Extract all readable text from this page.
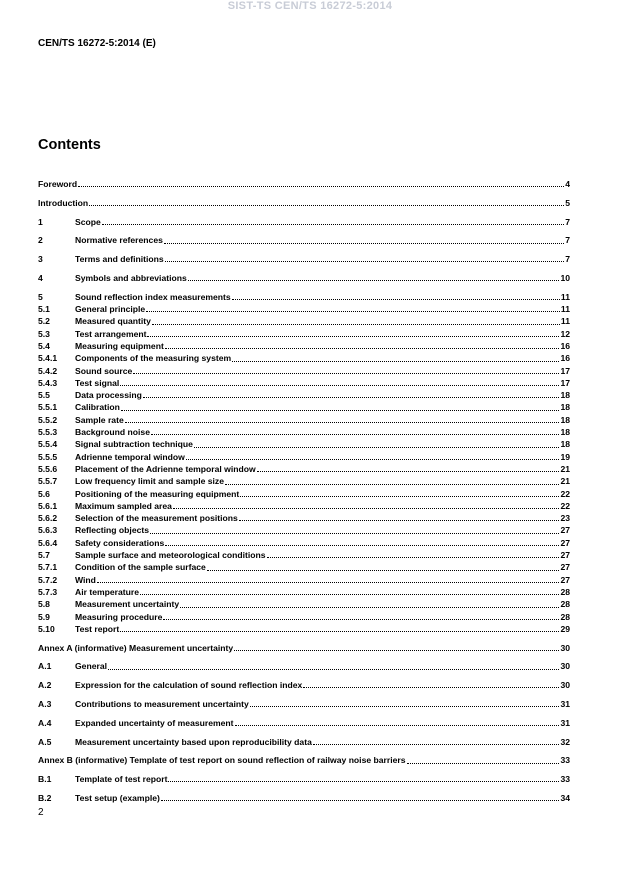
SIST-TS CEN/TS 16272-5:2014
CEN/TS 16272-5:2014 (E)
Contents
Foreword	4
Introduction	5
1	Scope	7
2	Normative references	7
3	Terms and definitions	7
4	Symbols and abbreviations	10
5	Sound reflection index measurements	11
5.1	General principle	11
5.2	Measured quantity	11
5.3	Test arrangement	12
5.4	Measuring equipment	16
5.4.1	Components of the measuring system	16
5.4.2	Sound source	17
5.4.3	Test signal	17
5.5	Data processing	18
5.5.1	Calibration	18
5.5.2	Sample rate	18
5.5.3	Background noise	18
5.5.4	Signal subtraction technique	18
5.5.5	Adrienne temporal window	19
5.5.6	Placement of the Adrienne temporal window	21
5.5.7	Low frequency limit and sample size	21
5.6	Positioning of the measuring equipment	22
5.6.1	Maximum sampled area	22
5.6.2	Selection of the measurement positions	23
5.6.3	Reflecting objects	27
5.6.4	Safety considerations	27
5.7	Sample surface and meteorological conditions	27
5.7.1	Condition of the sample surface	27
5.7.2	Wind	27
5.7.3	Air temperature	28
5.8	Measurement uncertainty	28
5.9	Measuring procedure	28
5.10	Test report	29
Annex A (informative) Measurement uncertainty	30
A.1	General	30
A.2	Expression for the calculation of sound reflection index	30
A.3	Contributions to measurement uncertainty	31
A.4	Expanded uncertainty of measurement	31
A.5	Measurement uncertainty based upon reproducibility data	32
Annex B (informative) Template of test report on sound reflection of railway noise barriers	33
B.1	Template of test report	33
B.2	Test setup (example)	34
2
